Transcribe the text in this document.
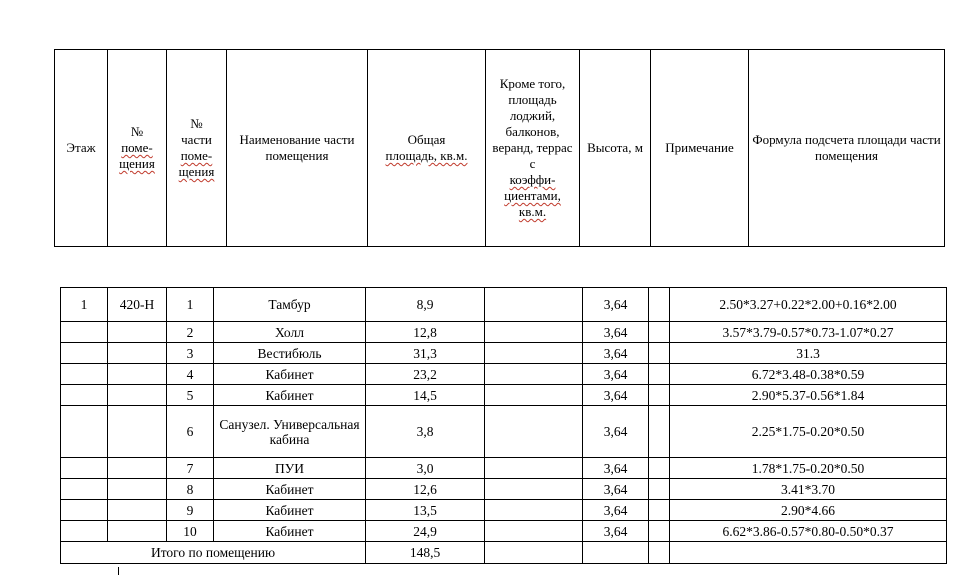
Этаж	№
поме-
щения	№
части
поме-
щения	Наименование части помещения	Общая
площадь, кв.м.	Кроме того, площадь лоджий, балконов, веранд, террас с
коэффи-
циентами,
кв.м.	Высота, м	Примечание	Формула подсчета площади части помещения
1	420-Н	1	Тамбур	8,9		3,64		2.50*3.27+0.22*2.00+0.16*2.00
		2	Холл	12,8		3,64		3.57*3.79-0.57*0.73-1.07*0.27
		3	Вестибюль	31,3		3,64		31.3
		4	Кабинет	23,2		3,64		6.72*3.48-0.38*0.59
		5	Кабинет	14,5		3,64		2.90*5.37-0.56*1.84
		6	Санузел. Универсальная кабина	3,8		3,64		2.25*1.75-0.20*0.50
		7	ПУИ	3,0		3,64		1.78*1.75-0.20*0.50
		8	Кабинет	12,6		3,64		3.41*3.70
		9	Кабинет	13,5		3,64		2.90*4.66
		10	Кабинет	24,9		3,64		6.62*3.86-0.57*0.80-0.50*0.37
Итого по помещению				148,5				
